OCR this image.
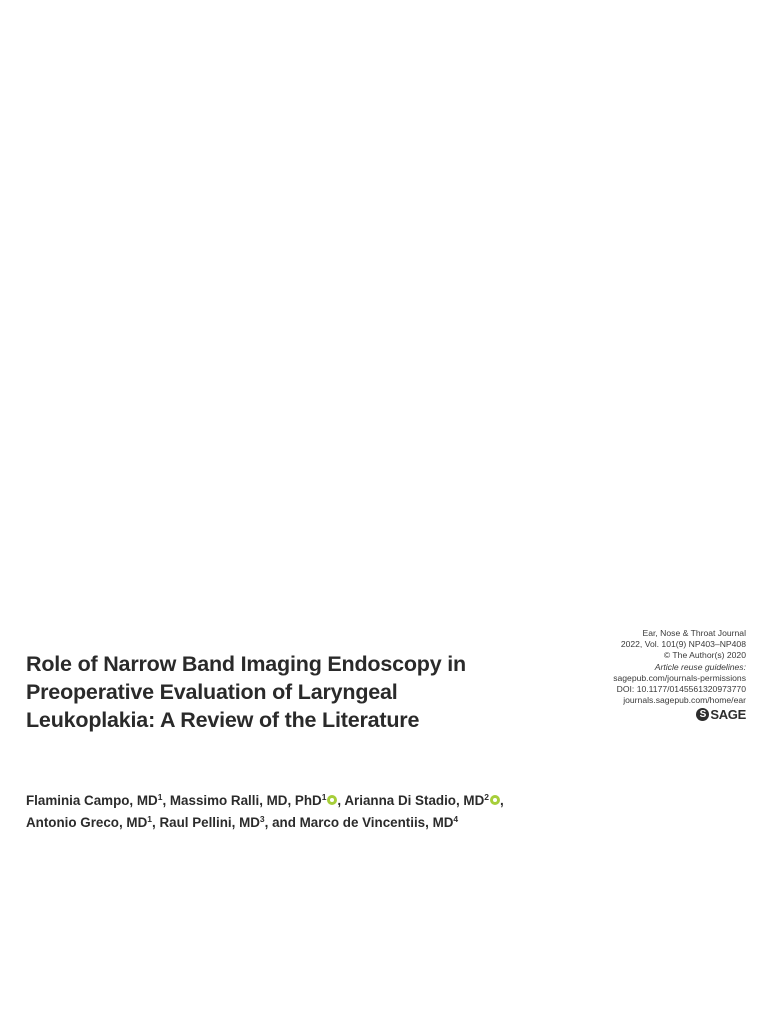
Ear, Nose & Throat Journal
2022, Vol. 101(9) NP403–NP408
© The Author(s) 2020
Article reuse guidelines:
sagepub.com/journals-permissions
DOI: 10.1177/0145561320973770
journals.sagepub.com/home/ear
S SAGE
Role of Narrow Band Imaging Endoscopy in
Preoperative Evaluation of Laryngeal
Leukoplakia: A Review of the Literature
Flaminia Campo, $MD^1$, Massimo Ralli, MD, PhD$^1$ , Arianna Di Stadio, $MD^2$ ,
Antonio Greco, $MD^1$, Raul Pellini, $MD^3$, and Marco de Vincentiis, $MD^4$
